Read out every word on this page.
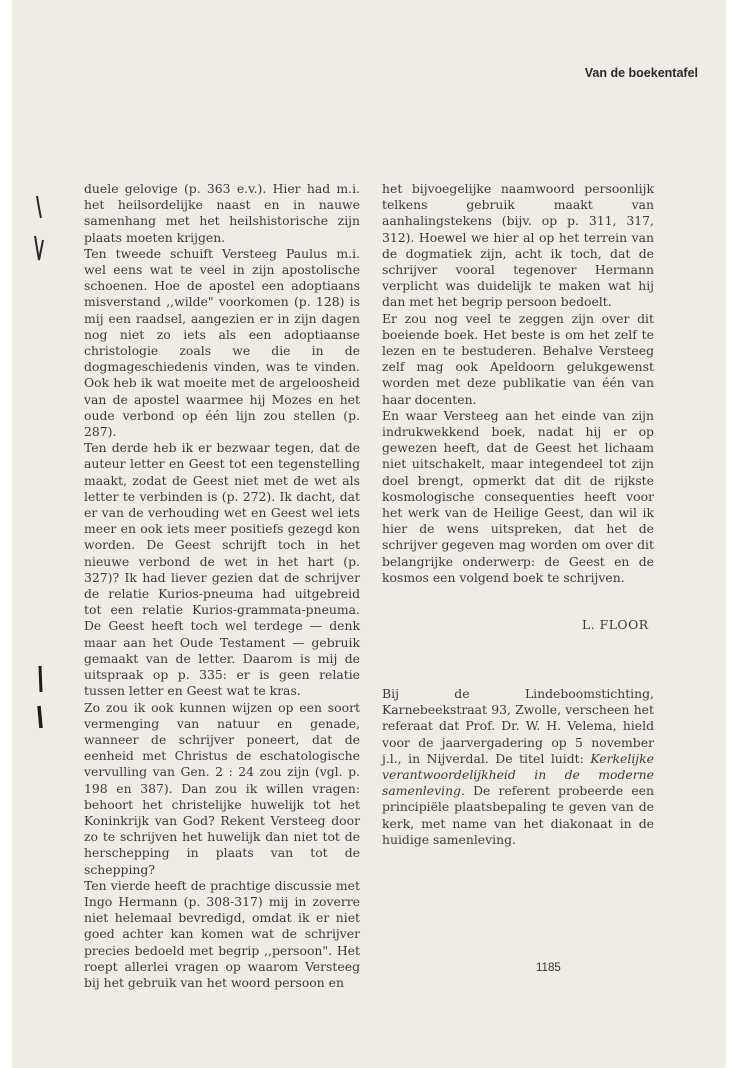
Van de boekentafel

duele gelovige (p. 363 e.v.). Hier had m.i. het heilsordelijke naast en in nauwe samenhang met het heilshistorische zijn plaats moeten krijgen.

Ten tweede schuift Versteeg Paulus m.i. wel eens wat te veel in zijn apostolische schoenen. Hoe de apostel een adoptiaans misverstand ,,wilde" voorkomen (p. 128) is mij een raadsel, aangezien er in zijn dagen nog niet zo iets als een adoptiaanse christologie zoals we die in de dogmageschiedenis vinden, was te vinden. Ook heb ik wat moeite met de argeloosheid van de apostel waarmee hij Mozes en het oude verbond op één lijn zou stellen (p. 287).

Ten derde heb ik er bezwaar tegen, dat de auteur letter en Geest tot een tegenstelling maakt, zodat de Geest niet met de wet als letter te verbinden is (p. 272). Ik dacht, dat er van de verhouding wet en Geest wel iets meer en ook iets meer positiefs gezegd kon worden. De Geest schrijft toch in het nieuwe verbond de wet in het hart (p. 327)? Ik had liever gezien dat de schrijver de relatie Kurios-pneuma had uitgebreid tot een relatie Kurios-grammata-pneuma. De Geest heeft toch wel terdege — denk maar aan het Oude Testament — gebruik gemaakt van de letter. Daarom is mij de uitspraak op p. 335: er is geen relatie tussen letter en Geest wat te kras.

Zo zou ik ook kunnen wijzen op een soort vermenging van natuur en genade, wanneer de schrijver poneert, dat de eenheid met Christus de eschatologische vervulling van Gen. 2 : 24 zou zijn (vgl. p. 198 en 387). Dan zou ik willen vragen: behoort het christelijke huwelijk tot het Koninkrijk van God? Rekent Versteeg door zo te schrijven het huwelijk dan niet tot de herschepping in plaats van tot de schepping?

Ten vierde heeft de prachtige discussie met Ingo Hermann (p. 308-317) mij in zoverre niet helemaal bevredigd, omdat ik er niet goed achter kan komen wat de schrijver precies bedoeld met begrip ,,persoon". Het roept allerlei vragen op waarom Versteeg bij het gebruik van het woord persoon en

het bijvoegelijke naamwoord persoonlijk telkens gebruik maakt van aanhalingstekens (bijv. op p. 311, 317, 312). Hoewel we hier al op het terrein van de dogmatiek zijn, acht ik toch, dat de schrijver vooral tegenover Hermann verplicht was duidelijk te maken wat hij dan met het begrip persoon bedoelt.

Er zou nog veel te zeggen zijn over dit boeiende boek. Het beste is om het zelf te lezen en te bestuderen. Behalve Versteeg zelf mag ook Apeldoorn gelukgewenst worden met deze publikatie van één van haar docenten.

En waar Versteeg aan het einde van zijn indrukwekkend boek, nadat hij er op gewezen heeft, dat de Geest het lichaam niet uitschakelt, maar integendeel tot zijn doel brengt, opmerkt dat dit de rijkste kosmologische consequenties heeft voor het werk van de Heilige Geest, dan wil ik hier de wens uitspreken, dat het de schrijver gegeven mag worden om over dit belangrijke onderwerp: de Geest en de kosmos een volgend boek te schrijven.

L. FLOOR

Bij de Lindeboomstichting, Karnebeekstraat 93, Zwolle, verscheen het referaat dat Prof. Dr. W. H. Velema, hield voor de jaarvergadering op 5 november j.l., in Nijverdal. De titel luidt: Kerkelijke verantwoordelijkheid in de moderne samenleving. De referent probeerde een principiële plaatsbepaling te geven van de kerk, met name van het diakonaat in de huidige samenleving.

1185
